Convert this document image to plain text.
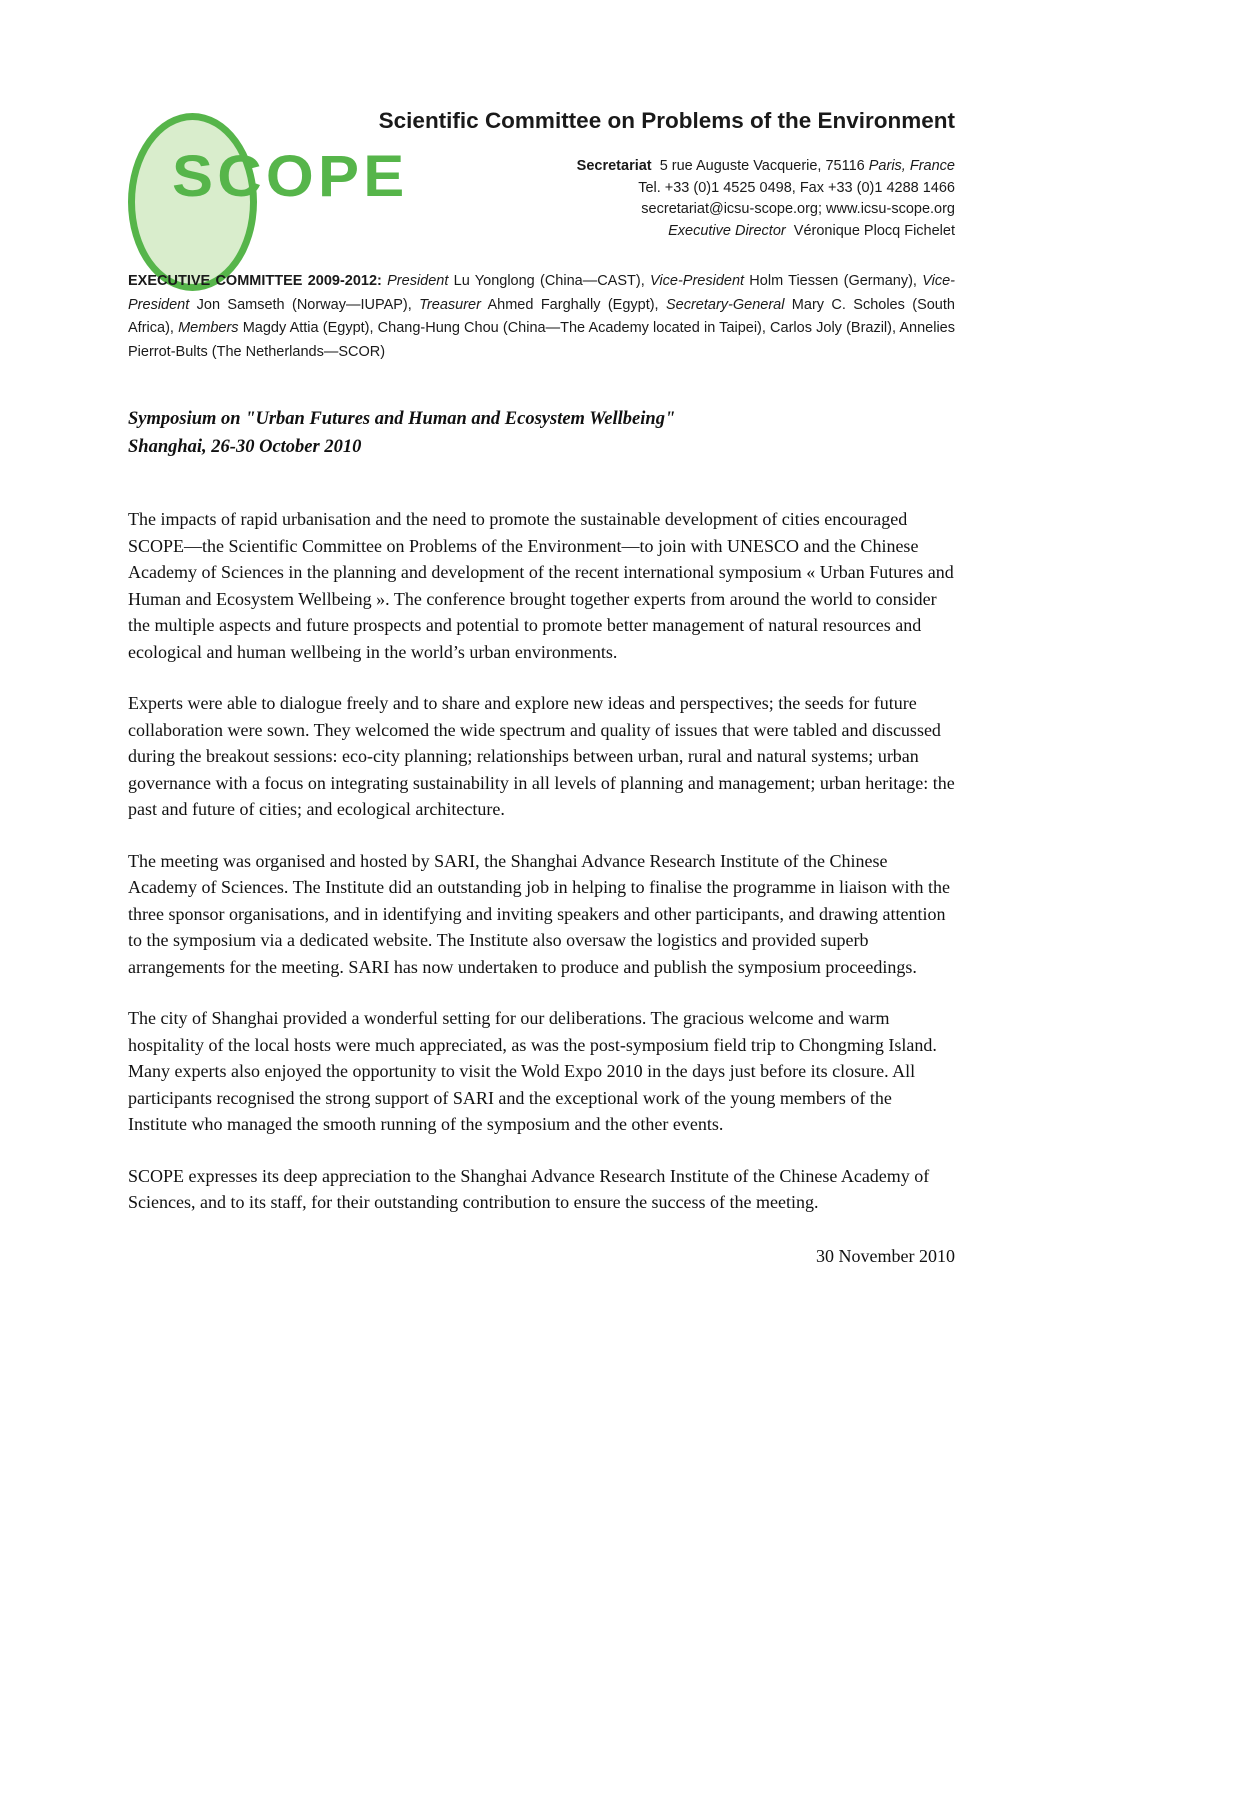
SCOPE
Scientific Committee on Problems of the Environment
Secretariat  5 rue Auguste Vacquerie, 75116 Paris, France
Tel. +33 (0)1 4525 0498, Fax +33 (0)1 4288 1466
secretariat@icsu-scope.org; www.icsu-scope.org
Executive Director  Véronique Plocq Fichelet

EXECUTIVE COMMITTEE 2009-2012: President Lu Yonglong (China—CAST), Vice-President Holm Tiessen (Germany), Vice-President Jon Samseth (Norway—IUPAP), Treasurer Ahmed Farghally (Egypt), Secretary-General Mary C. Scholes (South Africa), Members Magdy Attia (Egypt), Chang-Hung Chou (China—The Academy located in Taipei), Carlos Joly (Brazil), Annelies Pierrot-Bults (The Netherlands—SCOR)

Symposium on "Urban Futures and Human and Ecosystem Wellbeing"
Shanghai, 26-30 October 2010

The impacts of rapid urbanisation and the need to promote the sustainable development of cities encouraged SCOPE—the Scientific Committee on Problems of the Environment—to join with UNESCO and the Chinese Academy of Sciences in the planning and development of the recent international symposium « Urban Futures and Human and Ecosystem Wellbeing ». The conference brought together experts from around the world to consider the multiple aspects and future prospects and potential to promote better management of natural resources and ecological and human wellbeing in the world’s urban environments.

Experts were able to dialogue freely and to share and explore new ideas and perspectives; the seeds for future collaboration were sown. They welcomed the wide spectrum and quality of issues that were tabled and discussed during the breakout sessions: eco-city planning; relationships between urban, rural and natural systems; urban governance with a focus on integrating sustainability in all levels of planning and management; urban heritage: the past and future of cities; and ecological architecture.

The meeting was organised and hosted by SARI, the Shanghai Advance Research Institute of the Chinese Academy of Sciences. The Institute did an outstanding job in helping to finalise the programme in liaison with the three sponsor organisations, and in identifying and inviting speakers and other participants, and drawing attention to the symposium via a dedicated website. The Institute also oversaw the logistics and provided superb arrangements for the meeting. SARI has now undertaken to produce and publish the symposium proceedings.

The city of Shanghai provided a wonderful setting for our deliberations. The gracious welcome and warm hospitality of the local hosts were much appreciated, as was the post-symposium field trip to Chongming Island. Many experts also enjoyed the opportunity to visit the Wold Expo 2010 in the days just before its closure. All participants recognised the strong support of SARI and the exceptional work of the young members of the Institute who managed the smooth running of the symposium and the other events.

SCOPE expresses its deep appreciation to the Shanghai Advance Research Institute of the Chinese Academy of Sciences, and to its staff, for their outstanding contribution to ensure the success of the meeting.

30 November 2010
